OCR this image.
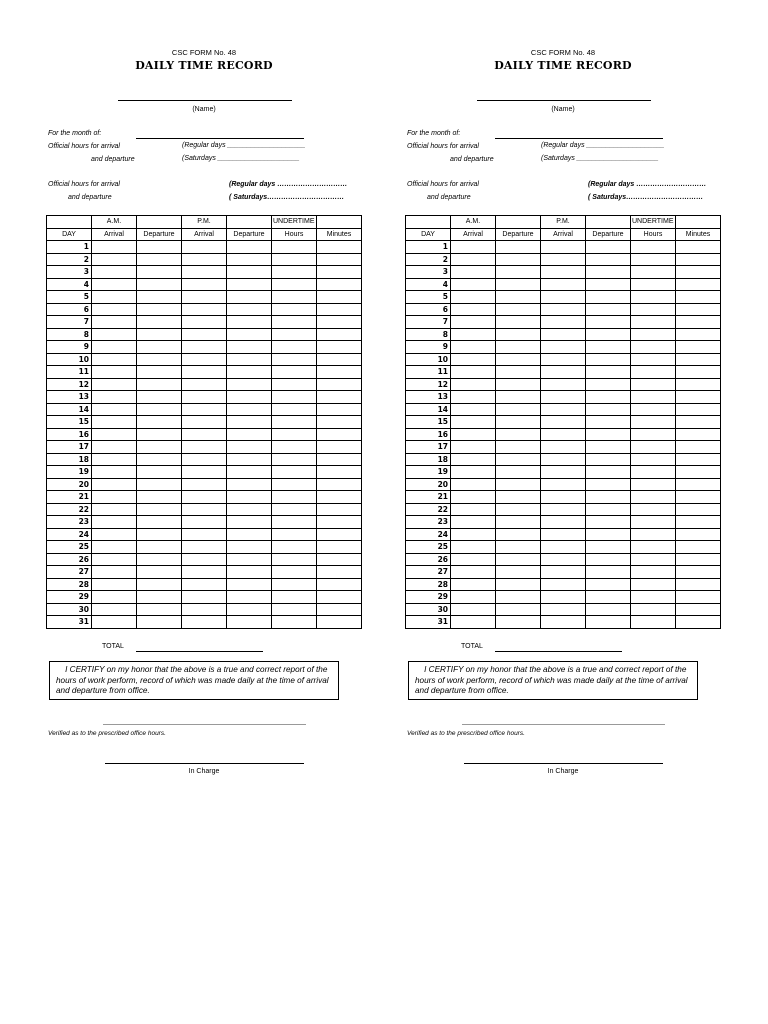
CSC FORM No. 48
DAILY TIME RECORD
(Name)
For the month of:
Official hours for arrival
and departure
(Regular days ____________________
(Saturdays _____________________
Official hours for arrival
and departure
(Regular days …………………………
( Saturdays……………………………
	A.M.		P.M.		UNDERTIME	
DAY	Arrival	Departure	Arrival	Departure	Hours	Minutes
1						
2						
3						
4						
5						
6						
7						
8						
9						
10						
11						
12						
13						
14						
15						
16						
17						
18						
19						
20						
21						
22						
23						
24						
25						
26						
27						
28						
29						
30						
31						
TOTAL
I CERTIFY on my honor that the above is a true and correct report of the hours of work perform, record of which was made daily at the time of arrival and departure from office.
Verified as to the prescribed office hours.
In Charge
CSC FORM No. 48
DAILY TIME RECORD
(Name)
For the month of:
Official hours for arrival
and departure
(Regular days ____________________
(Saturdays _____________________
Official hours for arrival
and departure
(Regular days …………………………
( Saturdays……………………………
	A.M.		P.M.		UNDERTIME	
DAY	Arrival	Departure	Arrival	Departure	Hours	Minutes
1						
2						
3						
4						
5						
6						
7						
8						
9						
10						
11						
12						
13						
14						
15						
16						
17						
18						
19						
20						
21						
22						
23						
24						
25						
26						
27						
28						
29						
30						
31						
TOTAL
I CERTIFY on my honor that the above is a true and correct report of the hours of work perform, record of which was made daily at the time of arrival and departure from office.
Verified as to the prescribed office hours.
In Charge
